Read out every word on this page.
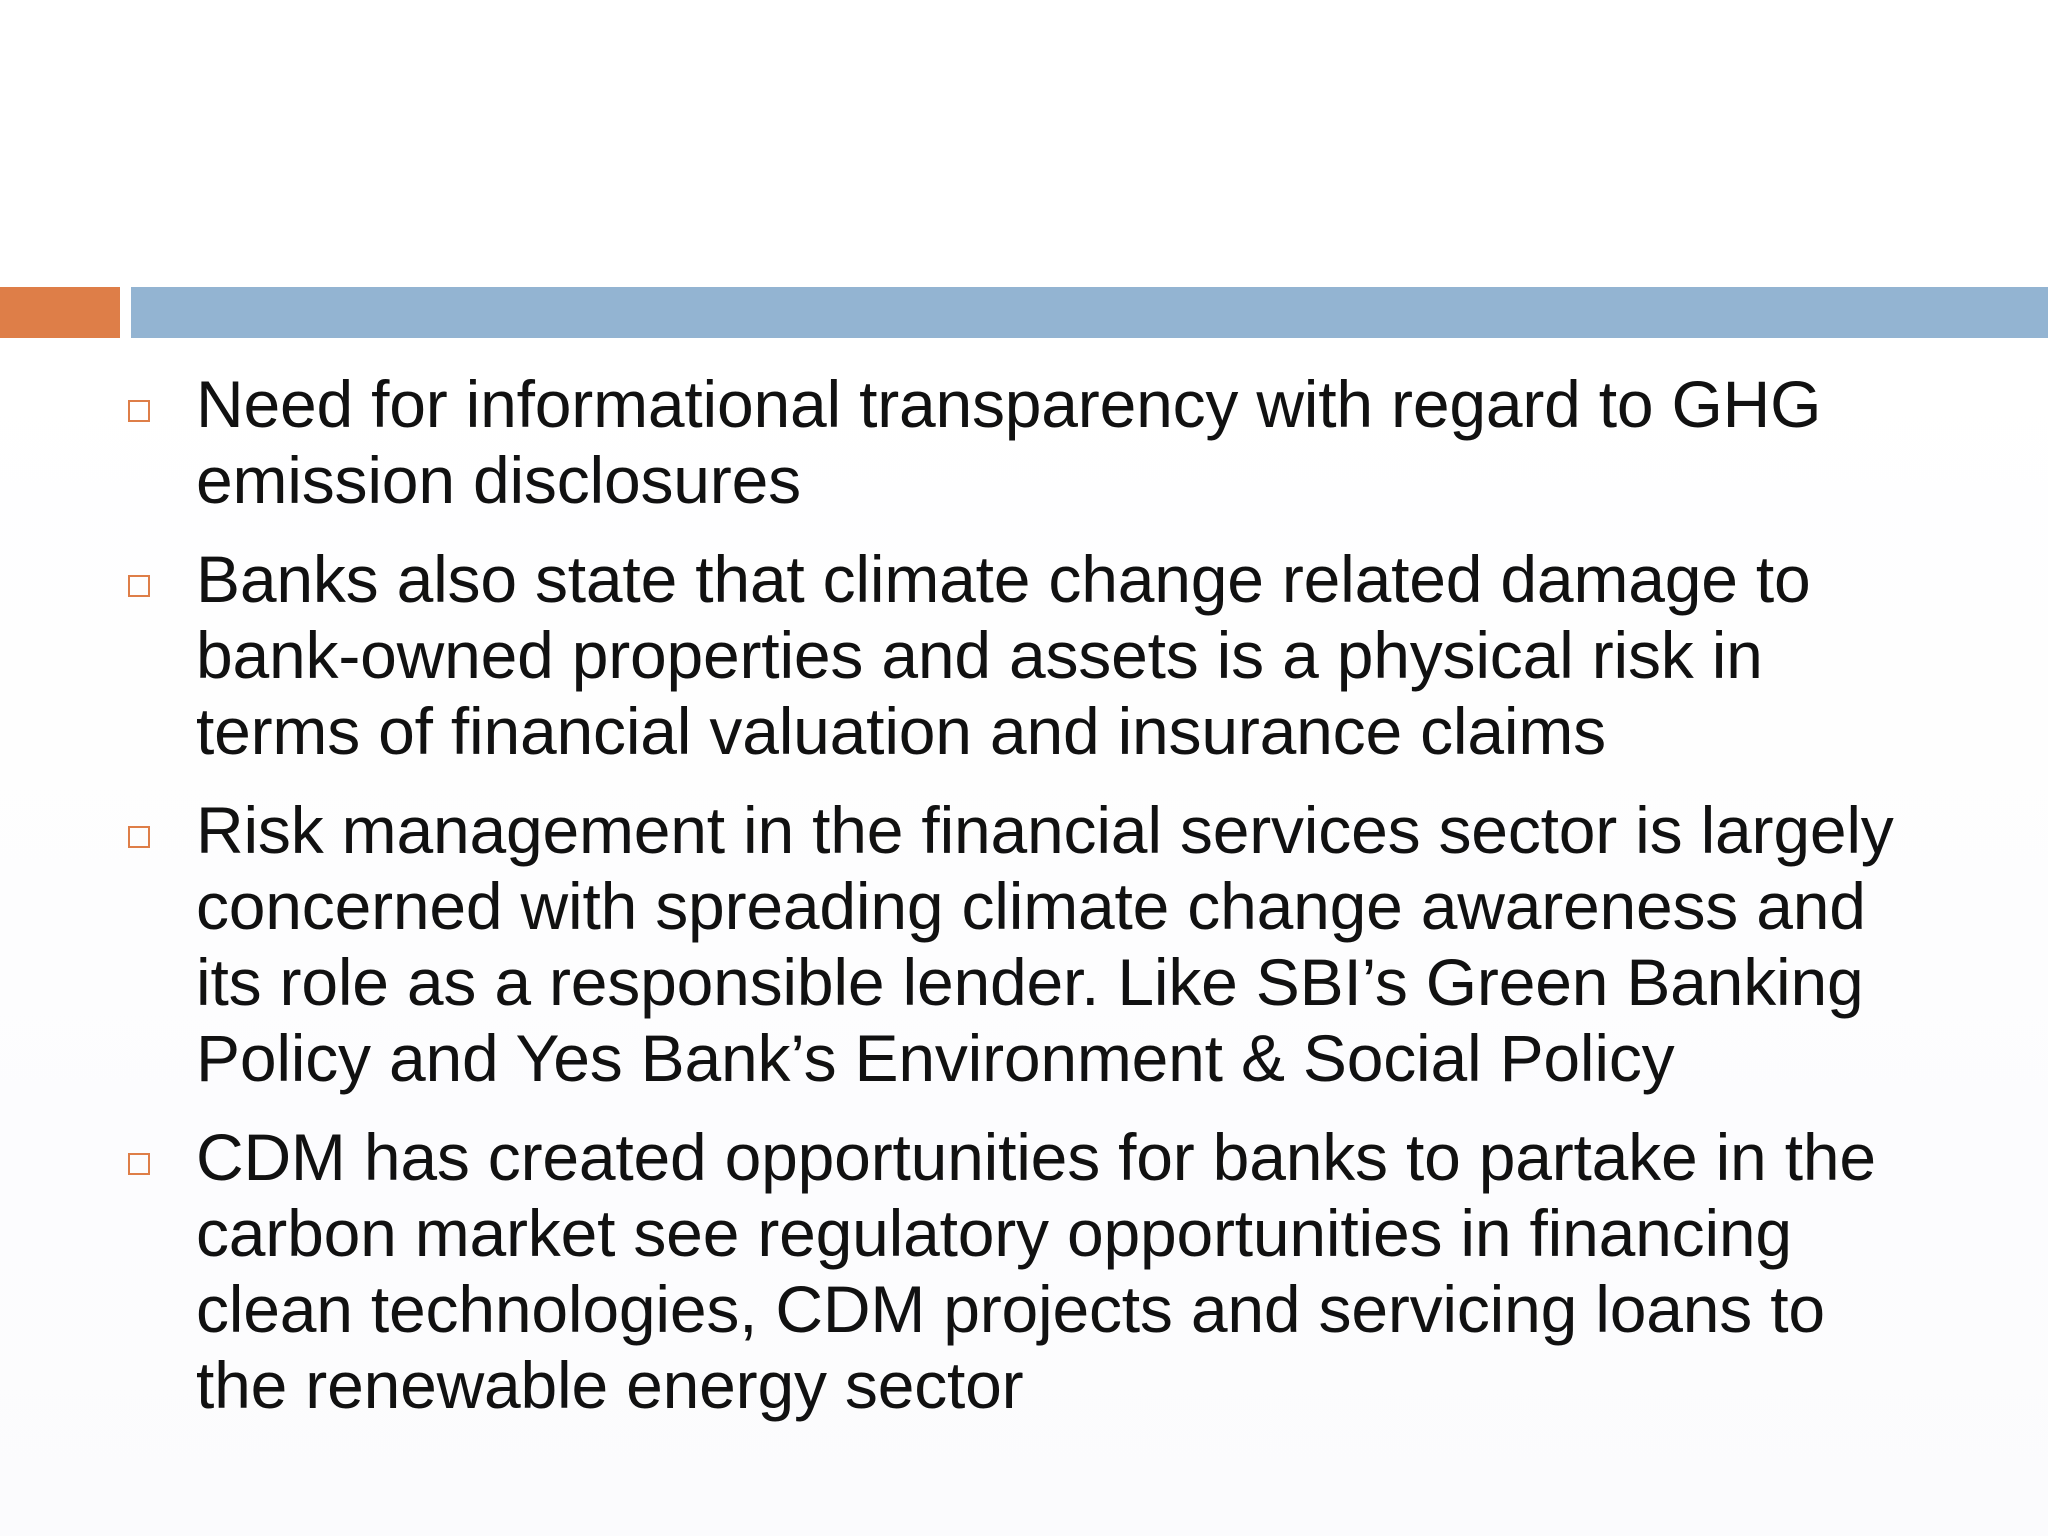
Need for informational transparency with regard to GHG emission disclosures
Banks also state that climate change related damage to bank-owned properties and assets is a physical risk in terms of financial valuation and insurance claims
Risk management in the financial services sector is largely concerned with spreading climate change awareness and its role as a responsible lender. Like SBI’s Green Banking Policy and Yes Bank’s Environment & Social Policy
CDM has created opportunities for banks to partake in the carbon market see regulatory opportunities in financing clean technologies, CDM projects and servicing loans to the renewable energy sector
